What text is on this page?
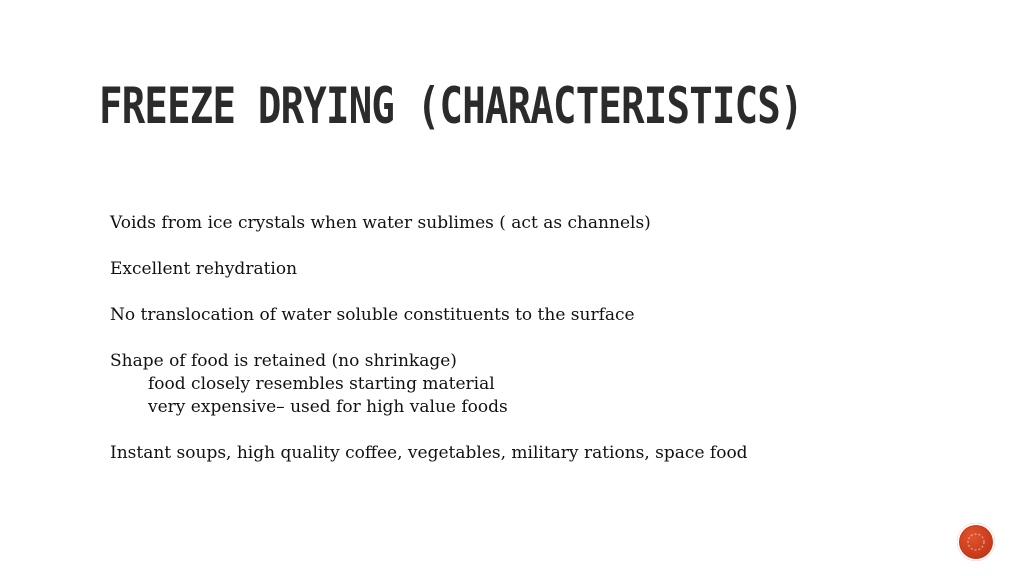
FREEZE DRYING (CHARACTERISTICS)
Voids from ice crystals when water sublimes ( act as channels)
Excellent rehydration
No translocation of water soluble constituents to the surface
Shape of food is retained (no shrinkage)
food closely resembles starting material
very expensive– used for high value foods
Instant soups, high quality coffee, vegetables, military rations, space food
